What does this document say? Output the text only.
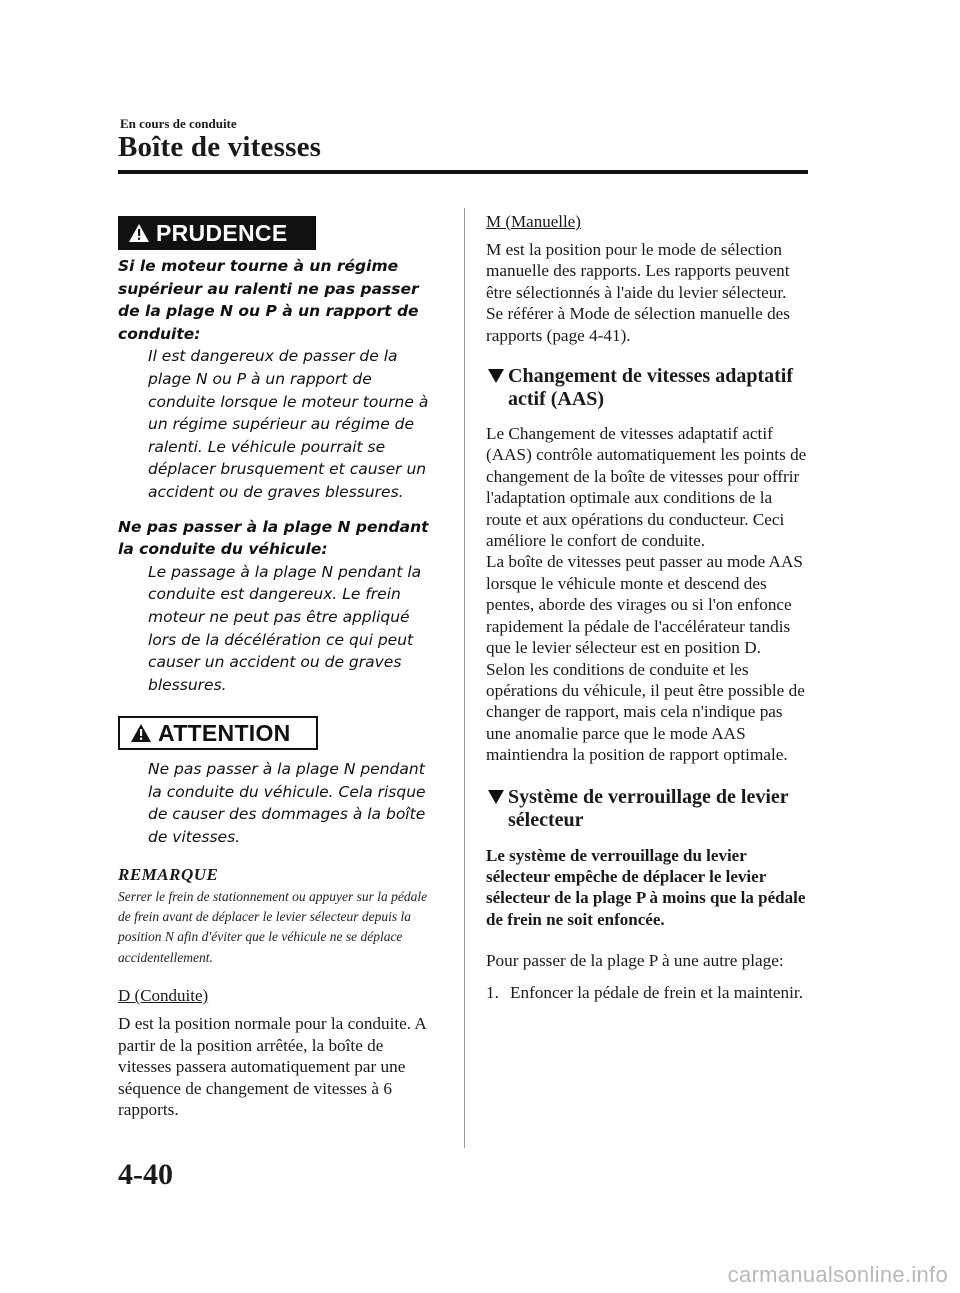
En cours de conduite
Boîte de vitesses
PRUDENCE
Si le moteur tourne à un régime supérieur au ralenti ne pas passer de la plage N ou P à un rapport de conduite:
Il est dangereux de passer de la plage N ou P à un rapport de conduite lorsque le moteur tourne à un régime supérieur au régime de ralenti. Le véhicule pourrait se déplacer brusquement et causer un accident ou de graves blessures.
Ne pas passer à la plage N pendant la conduite du véhicule:
Le passage à la plage N pendant la conduite est dangereux. Le frein moteur ne peut pas être appliqué lors de la décélération ce qui peut causer un accident ou de graves blessures.
ATTENTION
Ne pas passer à la plage N pendant la conduite du véhicule. Cela risque de causer des dommages à la boîte de vitesses.
REMARQUE
Serrer le frein de stationnement ou appuyer sur la pédale de frein avant de déplacer le levier sélecteur depuis la position N afin d'éviter que le véhicule ne se déplace accidentellement.
D (Conduite)
D est la position normale pour la conduite. A partir de la position arrêtée, la boîte de vitesses passera automatiquement par une séquence de changement de vitesses à 6 rapports.
M (Manuelle)
M est la position pour le mode de sélection manuelle des rapports. Les rapports peuvent être sélectionnés à l'aide du levier sélecteur.
Se référer à Mode de sélection manuelle des rapports (page 4-41).
Changement de vitesses adaptatif actif (AAS)
Le Changement de vitesses adaptatif actif (AAS) contrôle automatiquement les points de changement de la boîte de vitesses pour offrir l'adaptation optimale aux conditions de la route et aux opérations du conducteur. Ceci améliore le confort de conduite.
La boîte de vitesses peut passer au mode AAS lorsque le véhicule monte et descend des pentes, aborde des virages ou si l'on enfonce rapidement la pédale de l'accélérateur tandis que le levier sélecteur est en position D.
Selon les conditions de conduite et les opérations du véhicule, il peut être possible de changer de rapport, mais cela n'indique pas une anomalie parce que le mode AAS maintiendra la position de rapport optimale.
Système de verrouillage de levier sélecteur
Le système de verrouillage du levier sélecteur empêche de déplacer le levier sélecteur de la plage P à moins que la pédale de frein ne soit enfoncée.
Pour passer de la plage P à une autre plage:
1. Enfoncer la pédale de frein et la maintenir.
4-40
carmanualsonline.info
